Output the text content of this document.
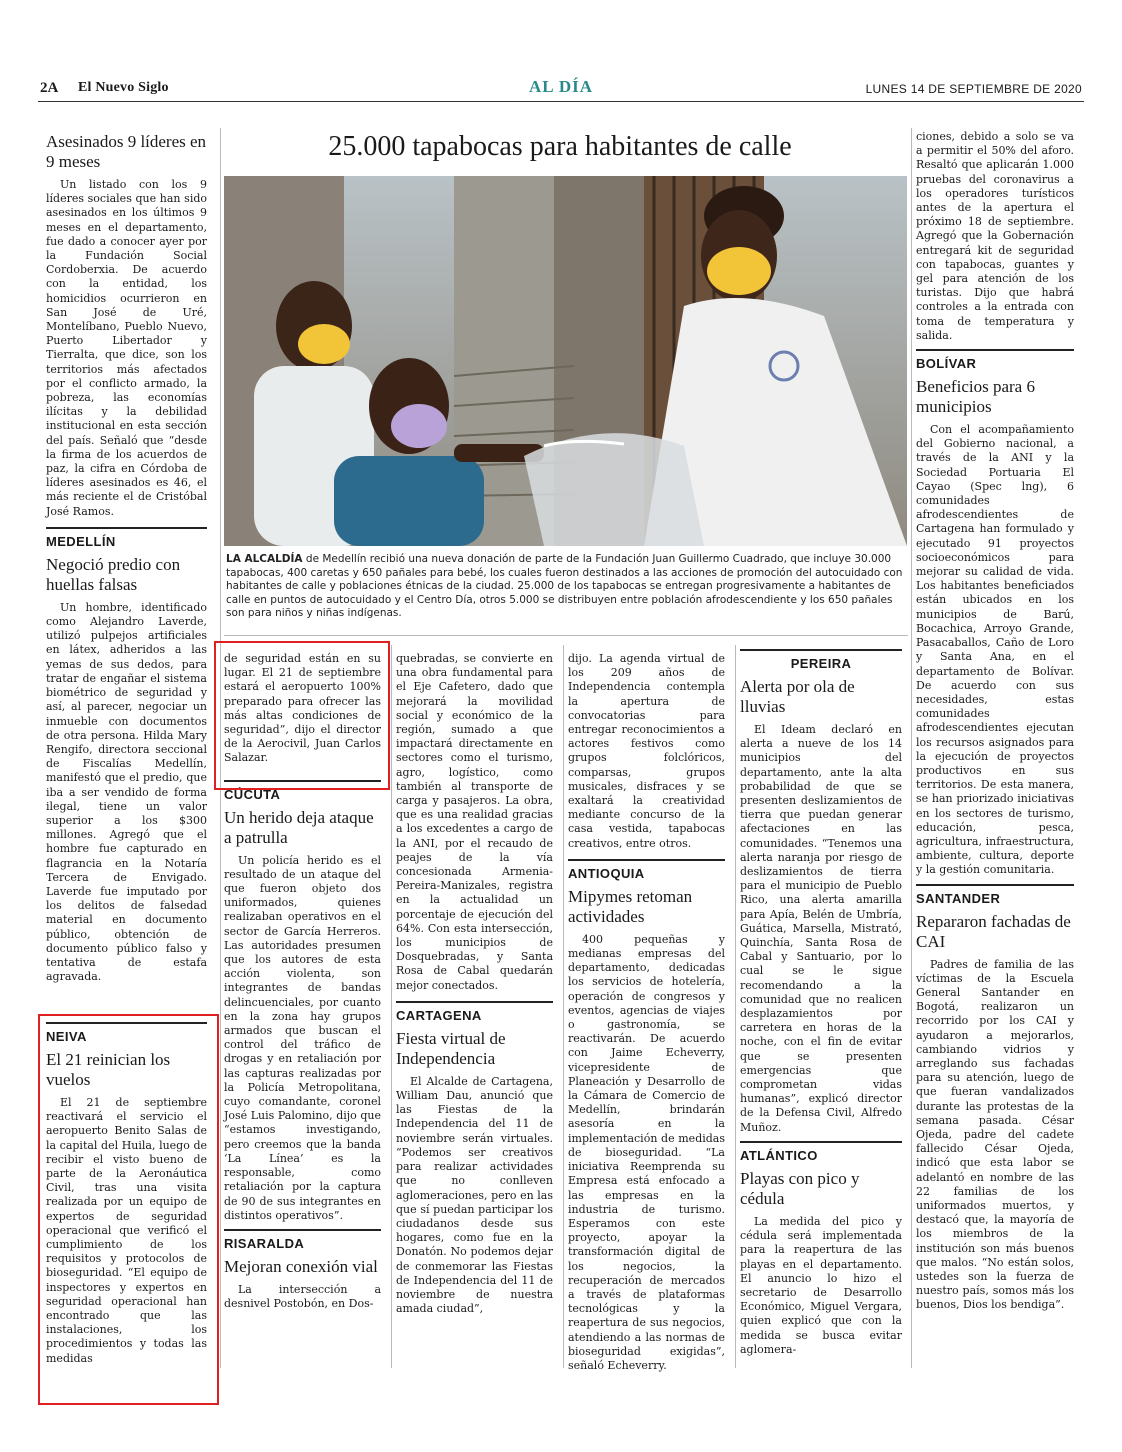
2A El Nuevo Siglo	AL DÍA	LUNES 14 DE SEPTIEMBRE DE 2020
Asesinados 9 líderes en 9 meses

Un listado con los 9 líderes sociales que han sido asesinados en los últimos 9 meses en el departamento, fue dado a conocer ayer por la Fundación Social Cordoberxia. De acuerdo con la entidad, los homicidios ocurrieron en San José de Uré, Montelíbano, Pueblo Nuevo, Puerto Libertador y Tierralta, que dice, son los territorios más afectados por el conflicto armado, la pobreza, las economías ilícitas y la debilidad institucional en esta sección del país. Señaló que “desde la firma de los acuerdos de paz, la cifra en Córdoba de líderes asesinados es 46, el más reciente el de Cristóbal José Ramos.

MEDELLÍN
Negoció predio con huellas falsas

Un hombre, identificado como Alejandro Laverde, utilizó pulpejos artificiales en látex, adheridos a las yemas de sus dedos, para tratar de engañar el sistema biométrico de seguridad y así, al parecer, negociar un inmueble con documentos de otra persona. Hilda Mary Rengifo, directora seccional de Fiscalías Medellín, manifestó que el predio, que iba a ser vendido de forma ilegal, tiene un valor superior a los $300 millones. Agregó que el hombre fue capturado en flagrancia en la Notaría Tercera de Envigado. Laverde fue imputado por los delitos de falsedad material en documento público, obtención de documento público falso y tentativa de estafa agravada.

NEIVA
El 21 reinician los vuelos

El 21 de septiembre reactivará el servicio el aeropuerto Benito Salas de la capital del Huila, luego de recibir el visto bueno de parte de la Aeronáutica Civil, tras una visita realizada por un equipo de expertos de seguridad operacional que verificó el cumplimiento de los requisitos y protocolos de bioseguridad. “El equipo de inspectores y expertos en seguridad operacional han encontrado que las instalaciones, los procedimientos y todas las medidas

25.000 tapabocas para habitantes de calle
LA ALCALDÍA de Medellín recibió una nueva donación de parte de la Fundación Juan Guillermo Cuadrado, que incluye 30.000 tapabocas, 400 caretas y 650 pañales para bebé, los cuales fueron destinados a las acciones de promoción del autocuidado con habitantes de calle y poblaciones étnicas de la ciudad. 25.000 de los tapabocas se entregan progresivamente a habitantes de calle en puntos de autocuidado y el Centro Día, otros 5.000 se distribuyen entre población afrodescendiente y los 650 pañales son para niños y niñas indígenas.

de seguridad están en su lugar. El 21 de septiembre estará el aeropuerto 100% preparado para ofrecer las más altas condiciones de seguridad”, dijo el director de la Aerocivil, Juan Carlos Salazar.

CÚCUTA
Un herido deja ataque a patrulla

Un policía herido es el resultado de un ataque del que fueron objeto dos uniformados, quienes realizaban operativos en el sector de García Herreros. Las autoridades presumen que los autores de esta acción violenta, son integrantes de bandas delincuenciales, por cuanto en la zona hay grupos armados que buscan el control del tráfico de drogas y en retaliación por las capturas realizadas por la Policía Metropolitana, cuyo comandante, coronel José Luis Palomino, dijo que “estamos investigando, pero creemos que la banda ‘La Línea’ es la responsable, como retaliación por la captura de 90 de sus integrantes en distintos operativos”.

RISARALDA
Mejoran conexión vial

La intersección a desnivel Postobón, en Dos-

quebradas, se convierte en una obra fundamental para el Eje Cafetero, dado que mejorará la movilidad social y económico de la región, sumado a que impactará directamente en sectores como el turismo, agro, logístico, como también al transporte de carga y pasajeros. La obra, que es una realidad gracias a los excedentes a cargo de la ANI, por el recaudo de peajes de la vía concesionada Armenia-Pereira-Manizales, registra en la actualidad un porcentaje de ejecución del 64%. Con esta intersección, los municipios de Dosquebradas, y Santa Rosa de Cabal quedarán mejor conectados.

CARTAGENA
Fiesta virtual de Independencia

El Alcalde de Cartagena, William Dau, anunció que las Fiestas de la Independencia del 11 de noviembre serán virtuales. “Podemos ser creativos para realizar actividades que no conlleven aglomeraciones, pero en las que sí puedan participar los ciudadanos desde sus hogares, como fue en la Donatón. No podemos dejar de conmemorar las Fiestas de Independencia del 11 de noviembre de nuestra amada ciudad”,

dijo. La agenda virtual de los 209 años de Independencia contempla la apertura de convocatorias para entregar reconocimientos a actores festivos como grupos folclóricos, comparsas, grupos musicales, disfraces y se exaltará la creatividad mediante concurso de la casa vestida, tapabocas creativos, entre otros.

ANTIOQUIA
Mipymes retoman actividades

400 pequeñas y medianas empresas del departamento, dedicadas los servicios de hotelería, operación de congresos y eventos, agencias de viajes o gastronomía, se reactivarán. De acuerdo con Jaime Echeverry, vicepresidente de Planeación y Desarrollo de la Cámara de Comercio de Medellín, brindarán asesoría en la implementación de medidas de bioseguridad. “La iniciativa Reemprenda su Empresa está enfocado a las empresas en la industria de turismo. Esperamos con este proyecto, apoyar la transformación digital de los negocios, la recuperación de mercados a través de plataformas tecnológicas y la reapertura de sus negocios, atendiendo a las normas de bioseguridad exigidas”, señaló Echeverry.

PEREIRA
Alerta por ola de lluvias

El Ideam declaró en alerta a nueve de los 14 municipios del departamento, ante la alta probabilidad de que se presenten deslizamientos de tierra que puedan generar afectaciones en las comunidades. “Tenemos una alerta naranja por riesgo de deslizamientos de tierra para el municipio de Pueblo Rico, una alerta amarilla para Apía, Belén de Umbría, Guática, Marsella, Mistrató, Quinchía, Santa Rosa de Cabal y Santuario, por lo cual se le sigue recomendando a la comunidad que no realicen desplazamientos por carretera en horas de la noche, con el fin de evitar que se presenten emergencias que comprometan vidas humanas”, explicó director de la Defensa Civil, Alfredo Muñoz.

ATLÁNTICO
Playas con pico y cédula

La medida del pico y cédula será implementada para la reapertura de las playas en el departamento. El anuncio lo hizo el secretario de Desarrollo Económico, Miguel Vergara, quien explicó que con la medida se busca evitar aglomera-

ciones, debido a solo se va a permitir el 50% del aforo. Resaltó que aplicarán 1.000 pruebas del coronavirus a los operadores turísticos antes de la apertura el próximo 18 de septiembre. Agregó que la Gobernación entregará kit de seguridad con tapabocas, guantes y gel para atención de los turistas. Dijo que habrá controles a la entrada con toma de temperatura y salida.

BOLÍVAR
Beneficios para 6 municipios

Con el acompañamiento del Gobierno nacional, a través de la ANI y la Sociedad Portuaria El Cayao (Spec lng), 6 comunidades afrodescendientes de Cartagena han formulado y ejecutado 91 proyectos socioeconómicos para mejorar su calidad de vida. Los habitantes beneficiados están ubicados en los municipios de Barú, Bocachica, Arroyo Grande, Pasacaballos, Caño de Loro y Santa Ana, en el departamento de Bolívar. De acuerdo con sus necesidades, estas comunidades afrodescendientes ejecutan los recursos asignados para la ejecución de proyectos productivos en sus territorios. De esta manera, se han priorizado iniciativas en los sectores de turismo, educación, pesca, agricultura, infraestructura, ambiente, cultura, deporte y la gestión comunitaria.

SANTANDER
Repararon fachadas de CAI

Padres de familia de las víctimas de la Escuela General Santander en Bogotá, realizaron un recorrido por los CAI y ayudaron a mejorarlos, cambiando vidrios y arreglando sus fachadas para su atención, luego de que fueran vandalizados durante las protestas de la semana pasada. César Ojeda, padre del cadete fallecido César Ojeda, indicó que esta labor se adelantó en nombre de las 22 familias de los uniformados muertos, y destacó que, la mayoría de los miembros de la institución son más buenos que malos. “No están solos, ustedes son la fuerza de nuestro país, somos más los buenos, Dios los bendiga”.
